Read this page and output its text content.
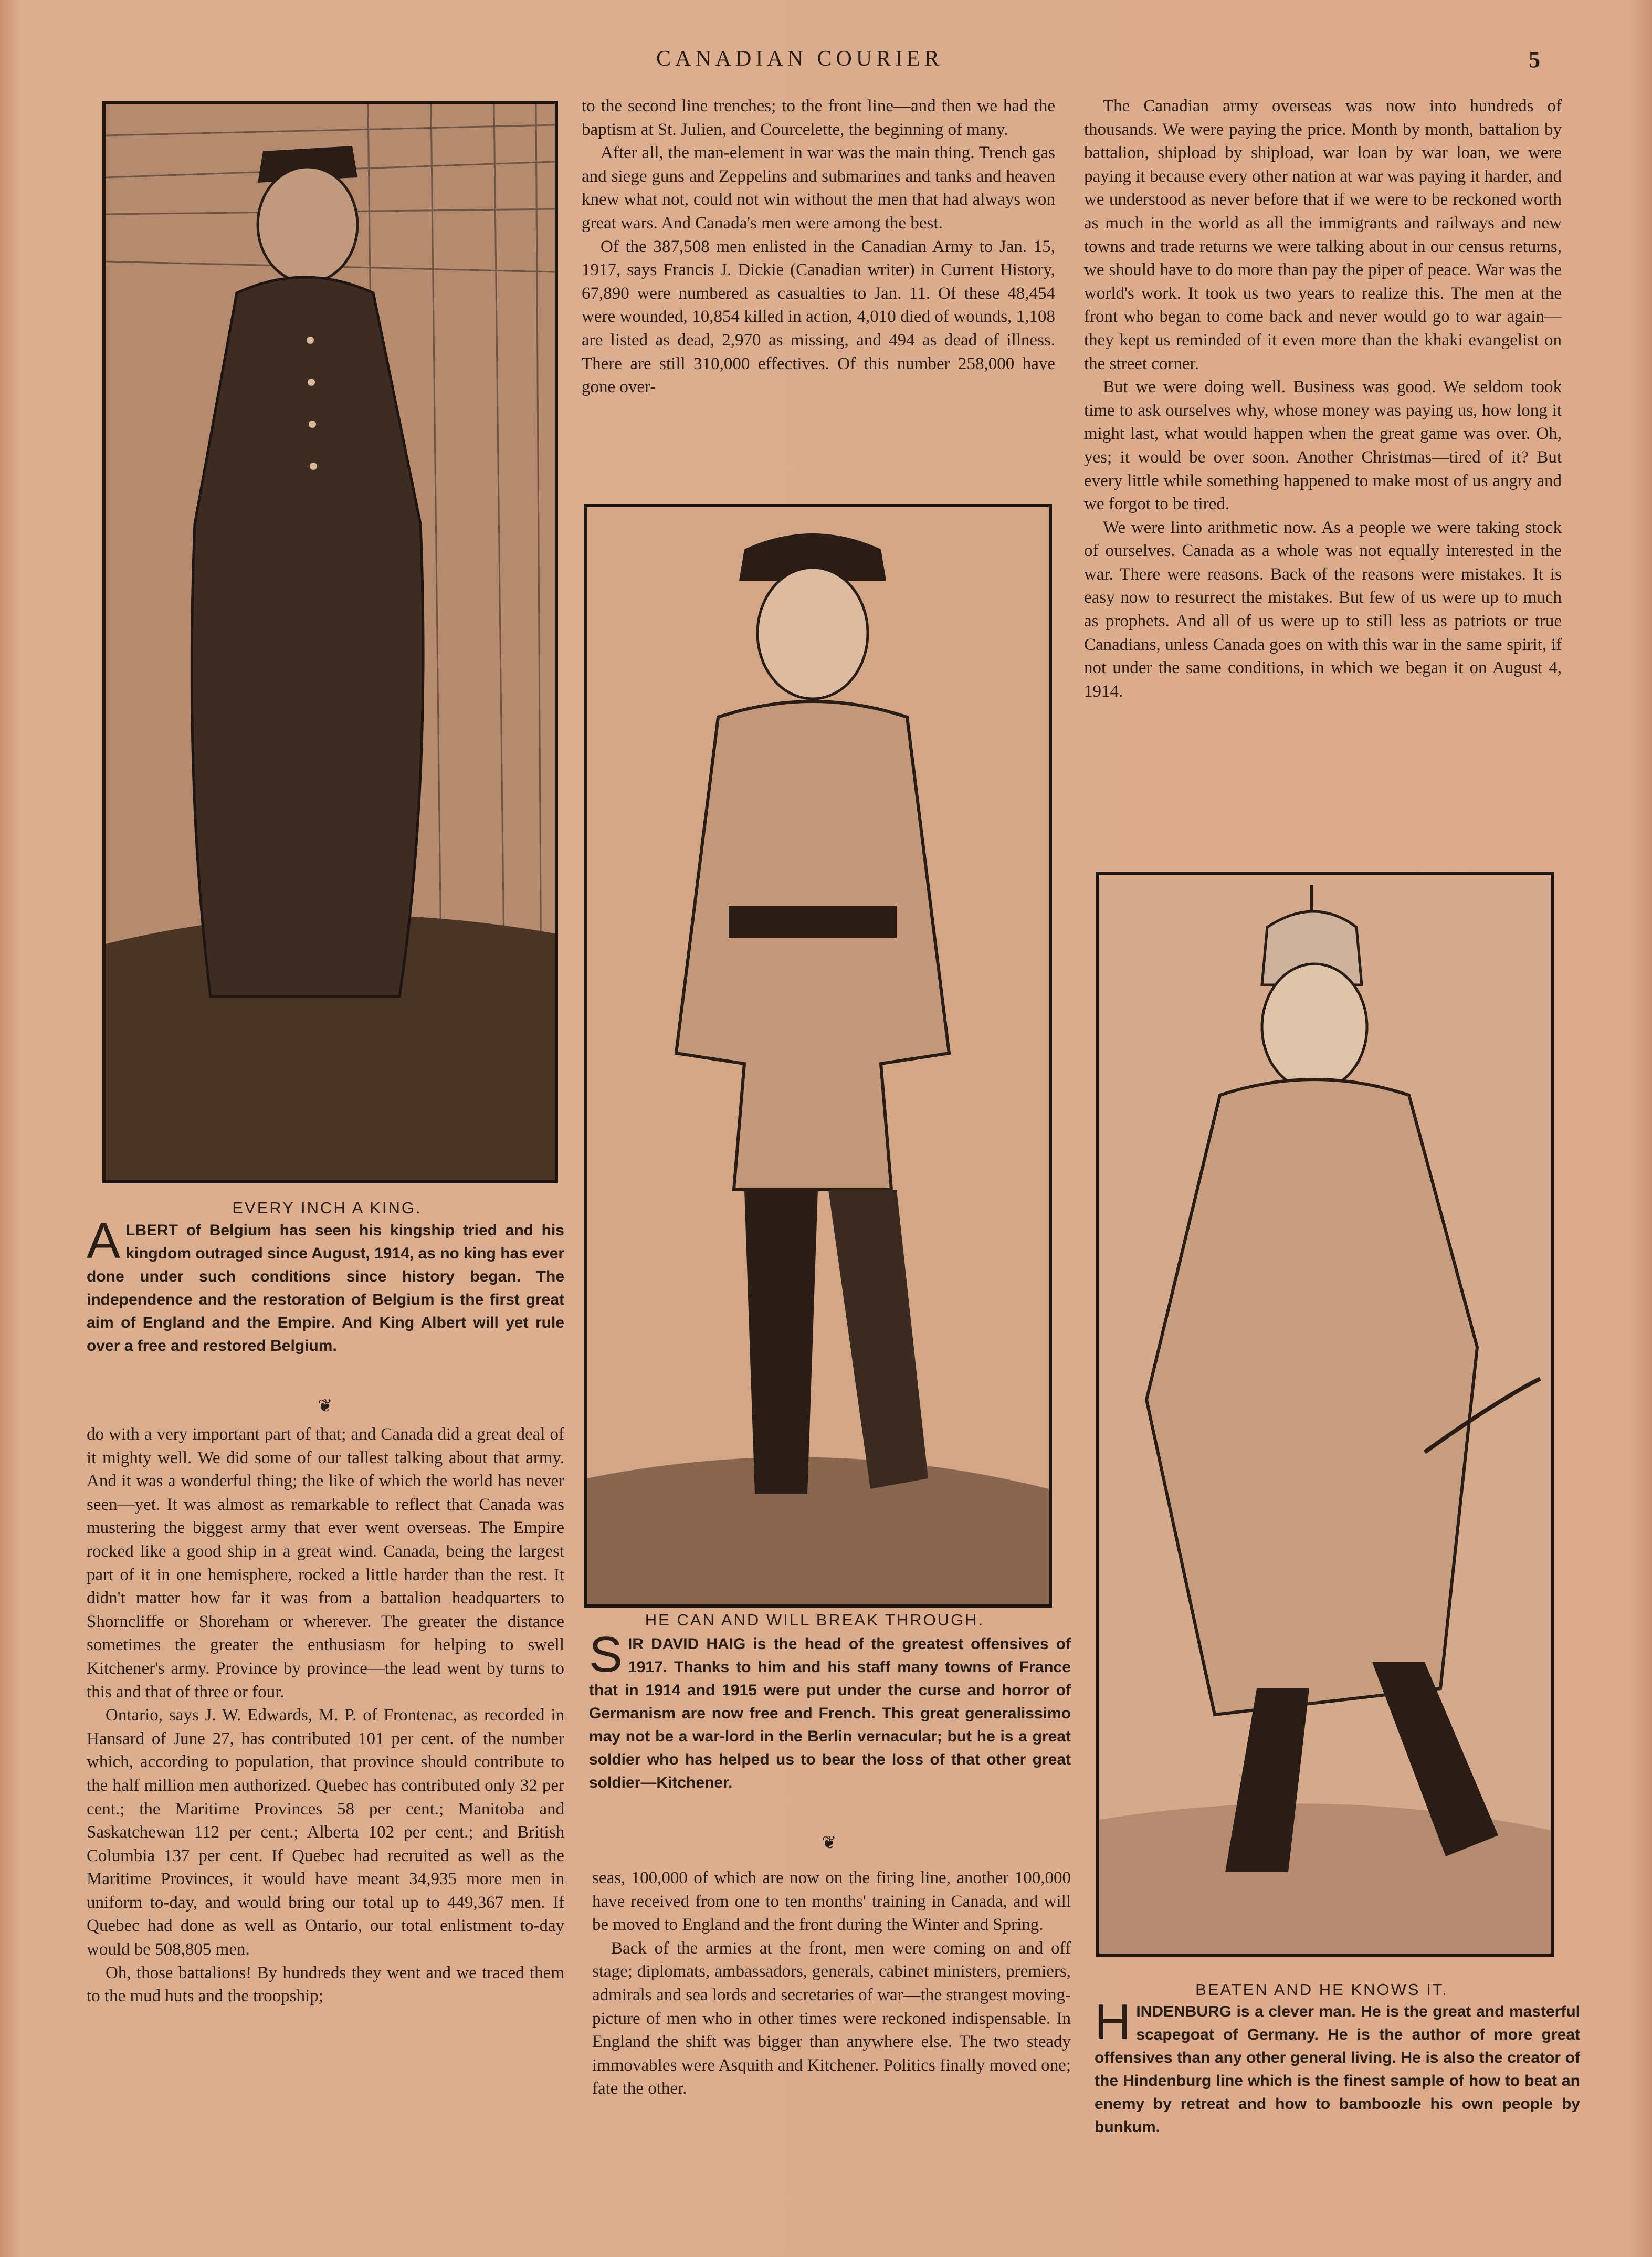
CANADIAN COURIER	5
EVERY INCH A KING.
A LBERT of Belgium has seen his kingship tried and his kingdom outraged since August, 1914, as no king has ever done under such conditions since history began. The independence and the restoration of Belgium is the first great aim of England and the Empire. And King Albert will yet rule over a free and restored Belgium.
❦

do with a very important part of that; and Canada did a great deal of it mighty well. We did some of our tallest talking about that army. And it was a wonderful thing; the like of which the world has never seen—yet. It was almost as remarkable to reflect that Canada was mustering the biggest army that ever went overseas. The Empire rocked like a good ship in a great wind. Canada, being the largest part of it in one hemisphere, rocked a little harder than the rest. It didn't matter how far it was from a battalion headquarters to Shorncliffe or Shoreham or wherever. The greater the distance sometimes the greater the enthusiasm for helping to swell Kitchener's army. Province by province—the lead went by turns to this and that of three or four.

Ontario, says J. W. Edwards, M. P. of Frontenac, as recorded in Hansard of June 27, has contributed 101 per cent. of the number which, according to population, that province should contribute to the half million men authorized. Quebec has contributed only 32 per cent.; the Maritime Provinces 58 per cent.; Manitoba and Saskatchewan 112 per cent.; Alberta 102 per cent.; and British Columbia 137 per cent. If Quebec had recruited as well as the Maritime Provinces, it would have meant 34,935 more men in uniform to-day, and would bring our total up to 449,367 men. If Quebec had done as well as Ontario, our total enlistment to-day would be 508,805 men.

Oh, those battalions! By hundreds they went and we traced them to the mud huts and the troopship;

to the second line trenches; to the front line—and then we had the baptism at St. Julien, and Courcelette, the beginning of many.

After all, the man-element in war was the main thing. Trench gas and siege guns and Zeppelins and submarines and tanks and heaven knew what not, could not win without the men that had always won great wars. And Canada's men were among the best.

Of the 387,508 men enlisted in the Canadian Army to Jan. 15, 1917, says Francis J. Dickie (Canadian writer) in Current History, 67,890 were numbered as casualties to Jan. 11. Of these 48,454 were wounded, 10,854 killed in action, 4,010 died of wounds, 1,108 are listed as dead, 2,970 as missing, and 494 as dead of illness. There are still 310,000 effectives. Of this number 258,000 have gone over-

HE CAN AND WILL BREAK THROUGH.
S IR DAVID HAIG is the head of the greatest offensives of 1917. Thanks to him and his staff many towns of France that in 1914 and 1915 were put under the curse and horror of Germanism are now free and French. This great generalissimo may not be a war-lord in the Berlin vernacular; but he is a great soldier who has helped us to bear the loss of that other great soldier—Kitchener.
❦

seas, 100,000 of which are now on the firing line, another 100,000 have received from one to ten months' training in Canada, and will be moved to England and the front during the Winter and Spring.

Back of the armies at the front, men were coming on and off stage; diplomats, ambassadors, generals, cabinet ministers, premiers, admirals and sea lords and secretaries of war—the strangest moving-picture of men who in other times were reckoned indispensable. In England the shift was bigger than anywhere else. The two steady immovables were Asquith and Kitchener. Politics finally moved one; fate the other.

The Canadian army overseas was now into hundreds of thousands. We were paying the price. Month by month, battalion by battalion, shipload by shipload, war loan by war loan, we were paying it because every other nation at war was paying it harder, and we understood as never before that if we were to be reckoned worth as much in the world as all the immigrants and railways and new towns and trade returns we were talking about in our census returns, we should have to do more than pay the piper of peace. War was the world's work. It took us two years to realize this. The men at the front who began to come back and never would go to war again—they kept us reminded of it even more than the khaki evangelist on the street corner.

But we were doing well. Business was good. We seldom took time to ask ourselves why, whose money was paying us, how long it might last, what would happen when the great game was over. Oh, yes; it would be over soon. Another Christmas—tired of it? But every little while something happened to make most of us angry and we forgot to be tired.

We were linto arithmetic now. As a people we were taking stock of ourselves. Canada as a whole was not equally interested in the war. There were reasons. Back of the reasons were mistakes. It is easy now to resurrect the mistakes. But few of us were up to much as prophets. And all of us were up to still less as patriots or true Canadians, unless Canada goes on with this war in the same spirit, if not under the same conditions, in which we began it on August 4, 1914.

BEATEN AND HE KNOWS IT.
H INDENBURG is a clever man. He is the great and masterful scapegoat of Germany. He is the author of more great offensives than any other general living. He is also the creator of the Hindenburg line which is the finest sample of how to beat an enemy by retreat and how to bamboozle his own people by bunkum.
